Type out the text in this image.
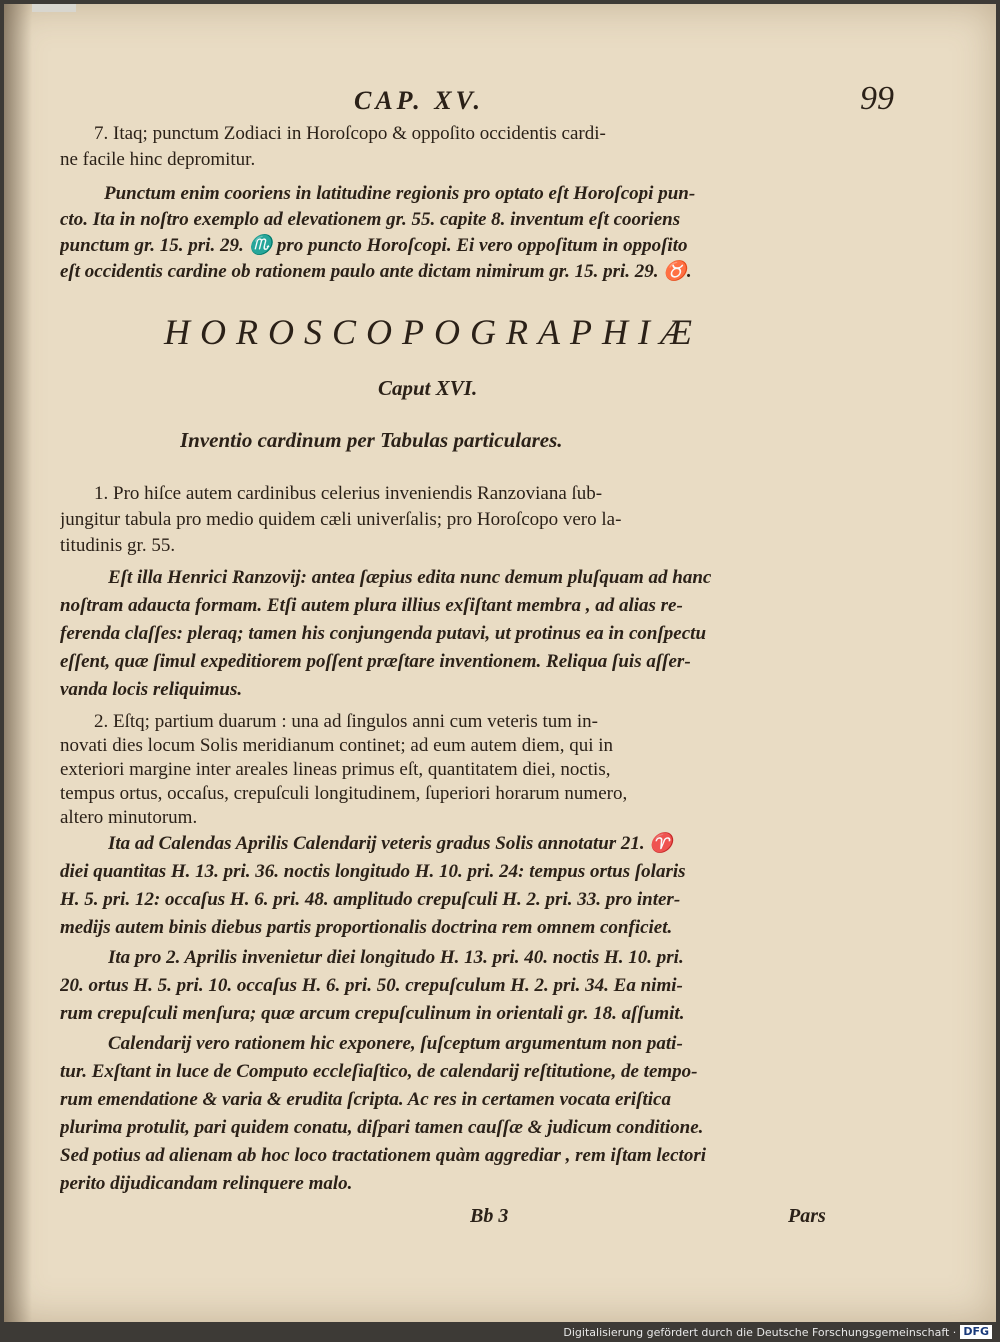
CAP. XV.	99
7. Itaq; punctum Zodiaci in Horoſcopo & oppoſito occidentis cardi-
ne facile hinc depromitur.
Punctum enim cooriens in latitudine regionis pro optato eſt Horoſcopi pun-
cto. Ita in noſtro exemplo ad elevationem gr. 55. capite 8. inventum eſt cooriens
punctum gr. 15. pri. 29. ♏ pro puncto Horoſcopi. Ei vero oppoſitum in oppoſito
eſt occidentis cardine ob rationem paulo ante dictam nimirum gr. 15. pri. 29. ♉.
HOROSCOPOGRAPHIÆ
Caput XVI.
Inventio cardinum per Tabulas particulares.
1. Pro hiſce autem cardinibus celerius inveniendis Ranzoviana ſub-
jungitur tabula pro medio quidem cæli univerſalis; pro Horoſcopo vero la-
titudinis gr. 55.
Eſt illa Henrici Ranzovij: antea ſæpius edita nunc demum pluſquam ad hanc
noſtram adaucta formam. Etſi autem plura illius exſiſtant membra , ad alias re-
ferenda claſſes: pleraq; tamen his conjungenda putavi, ut protinus ea in conſpectu
eſſent, quæ ſimul expeditiorem poſſent præſtare inventionem. Reliqua ſuis aſſer-
vanda locis reliquimus.
2. Eſtq; partium duarum : una ad ſingulos anni cum veteris tum in-
novati dies locum Solis meridianum continet; ad eum autem diem, qui in
exteriori margine inter areales lineas primus eſt, quantitatem diei, noctis,
tempus ortus, occaſus, crepuſculi longitudinem, ſuperiori horarum numero,
altero minutorum.
Ita ad Calendas Aprilis Calendarij veteris gradus Solis annotatur 21. ♈
diei quantitas H. 13. pri. 36. noctis longitudo H. 10. pri. 24: tempus ortus ſolaris
H. 5. pri. 12: occaſus H. 6. pri. 48. amplitudo crepuſculi H. 2. pri. 33. pro inter-
medijs autem binis diebus partis proportionalis doctrina rem omnem conficiet.
Ita pro 2. Aprilis invenietur diei longitudo H. 13. pri. 40. noctis H. 10. pri.
20. ortus H. 5. pri. 10. occaſus H. 6. pri. 50. crepuſculum H. 2. pri. 34. Ea nimi-
rum crepuſculi menſura; quæ arcum crepuſculinum in orientali gr. 18. aſſumit.
Calendarij vero rationem hic exponere, ſuſceptum argumentum non pati-
tur. Exſtant in luce de Computo eccleſiaſtico, de calendarij reſtitutione, de tempo-
rum emendatione & varia & erudita ſcripta. Ac res in certamen vocata eriſtica
plurima protulit, pari quidem conatu, diſpari tamen cauſſæ & judicum conditione.
Sed potius ad alienam ab hoc loco tractationem quàm aggrediar , rem iſtam lectori
perito dijudicandam relinquere malo.
Bb 3	Pars
Digitalisierung gefördert durch die Deutsche Forschungsgemeinschaft · DFG
